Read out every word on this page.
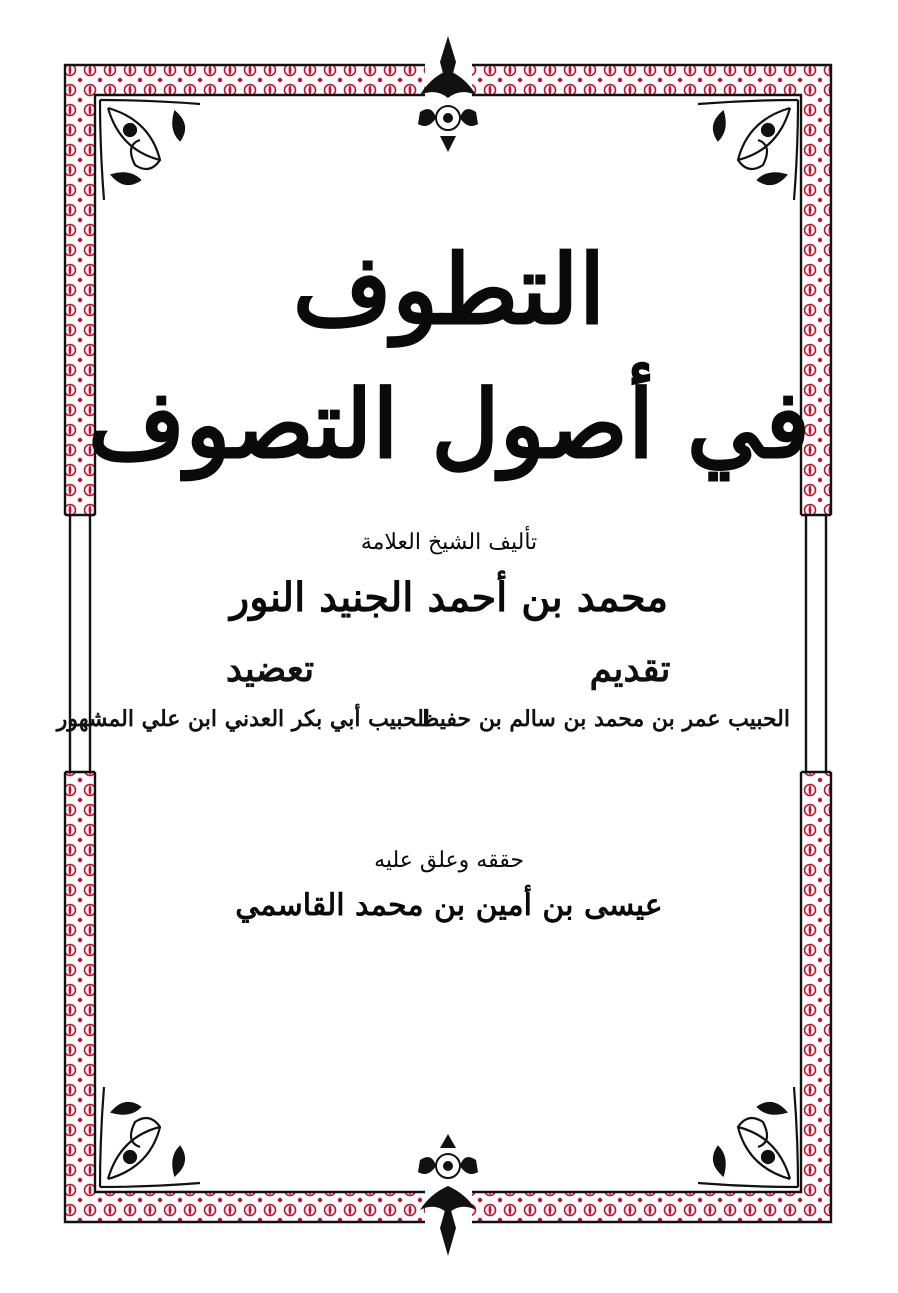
التطوف
في أصول التصوف
تأليف الشيخ العلامة
محمد بن أحمد الجنيد النور
تقديم
الحبيب عمر بن محمد بن سالم بن حفيظ
تعضيد
الحبيب أبي بكر العدني ابن علي المشهور
حققه وعلق عليه
عيسى بن أمين بن محمد القاسمي
